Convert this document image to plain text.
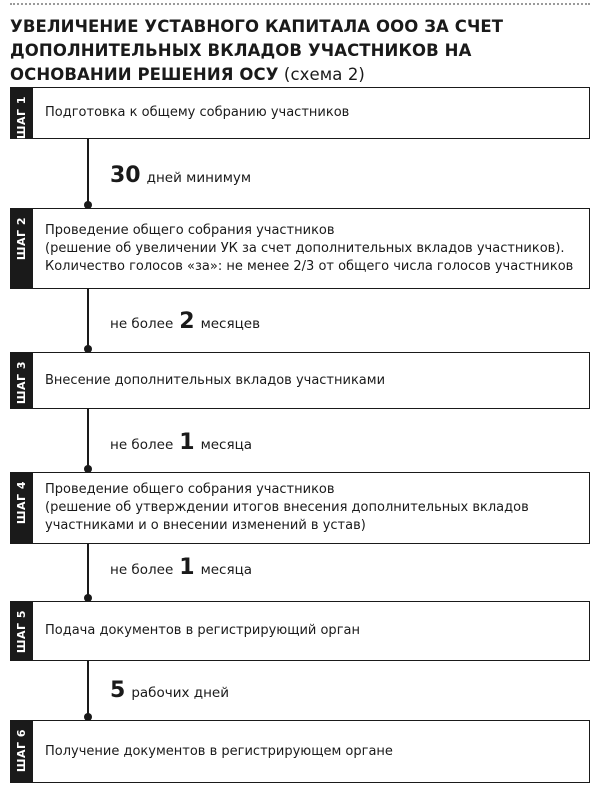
УВЕЛИЧЕНИЕ УСТАВНОГО КАПИТАЛА ООО ЗА СЧЕТ ДОПОЛНИТЕЛЬНЫХ ВКЛАДОВ УЧАСТНИКОВ НА ОСНОВАНИИ РЕШЕНИЯ ОСУ (схема 2)
ШАГ 1 Подготовка к общему собранию участников
30 дней минимум
ШАГ 2 Проведение общего собрания участников
(решение об увеличении УК за счет дополнительных вкладов участников).
Количество голосов «за»: не менее 2/3 от общего числа голосов участников
не более 2 месяцев
ШАГ 3 Внесение дополнительных вкладов участниками
не более 1 месяца
ШАГ 4 Проведение общего собрания участников
(решение об утверждении итогов внесения дополнительных вкладов
участниками и о внесении изменений в устав)
не более 1 месяца
ШАГ 5 Подача документов в регистрирующий орган
5 рабочих дней
ШАГ 6 Получение документов в регистрирующем органе
